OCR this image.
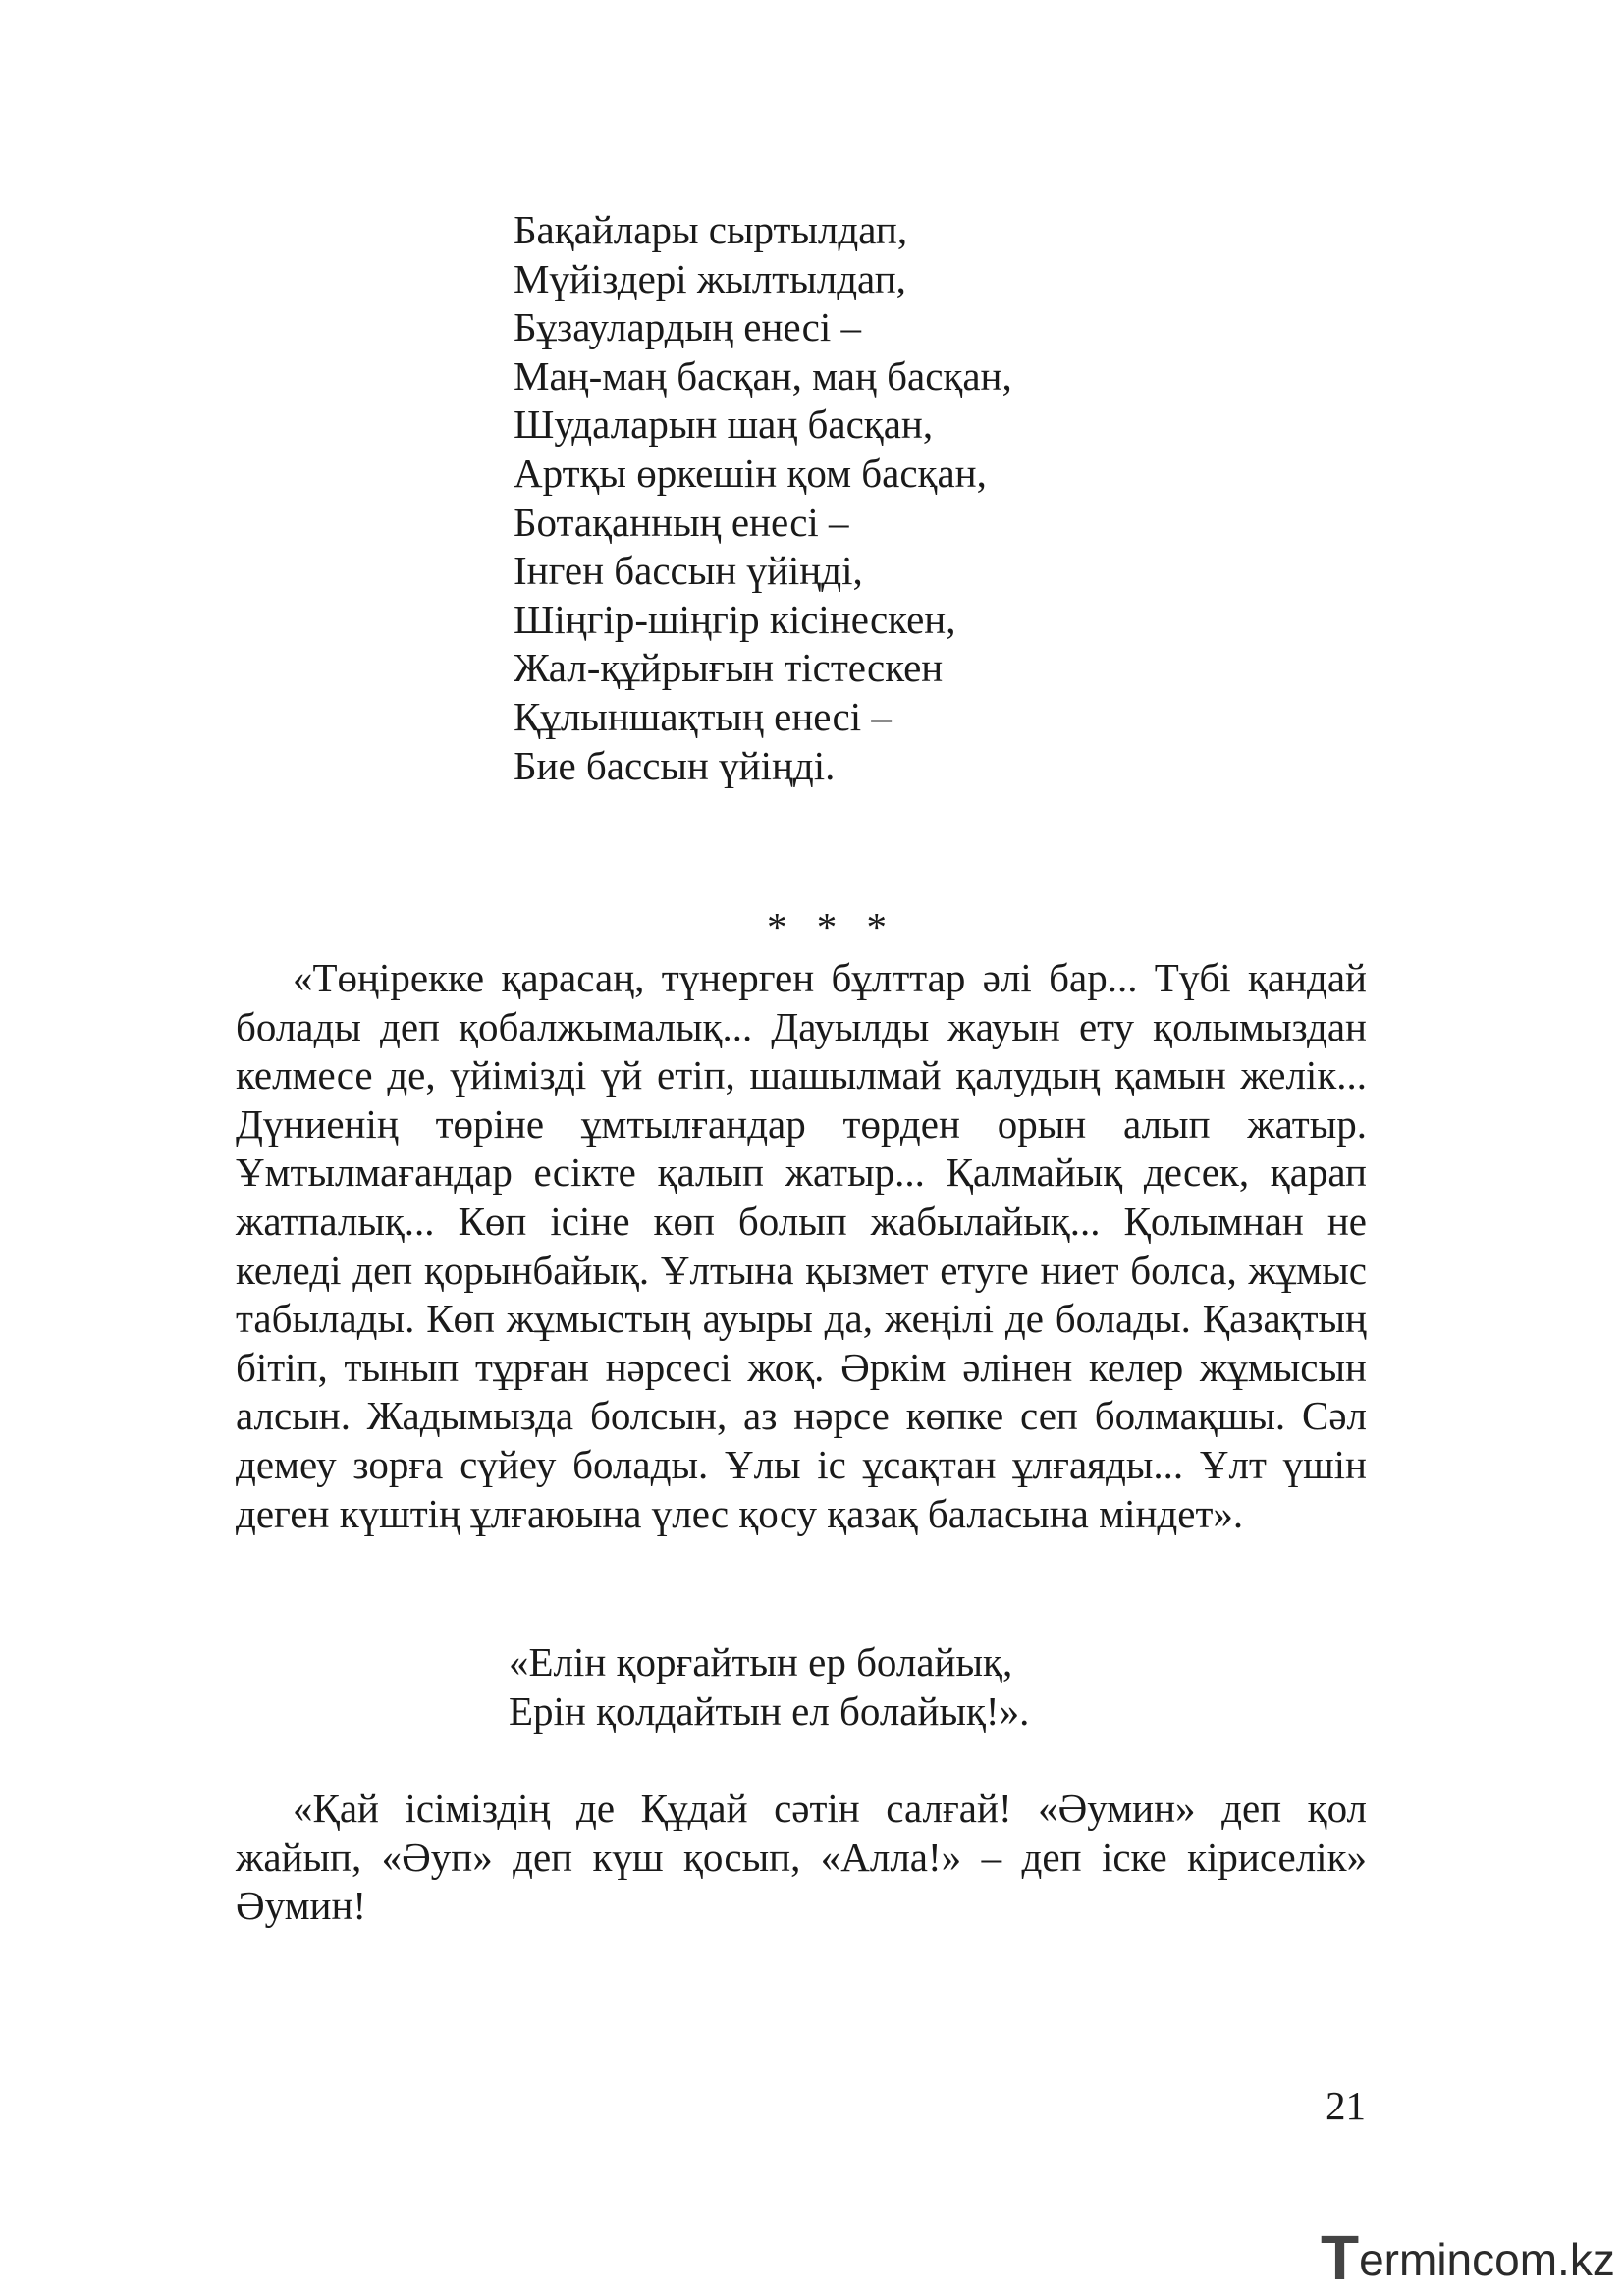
Бақайлары сыртылдап,
Мүйіздері жылтылдап,
Бұзаулардың енесі –
Маң-маң басқан, маң басқан,
Шудаларын шаң басқан,
Артқы өркешін қом басқан,
Ботақанның енесі –
Інген бассын үйіңді,
Шіңгір-шіңгір кісінескен,
Жал-құйрығын тістескен
Құлыншақтың енесі –
Бие бассын үйіңді.
* * *

«Төңірекке қарасаң, түнерген бұлттар әлі бар... Түбі қандай болады деп қобалжымалық... Дауылды жауын ету қолымыздан келмесе де, үйімізді үй етіп, шашылмай қалудың қамын желік... Дүниенің төріне ұмтылғандар төрден орын алып жатыр. Ұмтылмағандар есікте қалып жатыр... Қалмайық десек, қарап жатпалық... Көп ісіне көп болып жабылайық... Қолымнан не келеді деп қорынбайық. Ұлтына қызмет етуге ниет болса, жұмыс табылады. Көп жұмыстың ауыры да, жеңілі де болады. Қазақтың бітіп, тынып тұрған нәрсесі жоқ. Әркім әлінен келер жұмысын алсын. Жадымызда болсын, аз нәрсе көпке сеп болмақшы. Сәл демеу зорға сүйеу болады. Ұлы іс ұсақтан ұлғаяды... Ұлт үшін деген күштің ұлғаюына үлес қосу қазақ баласына міндет».

«Елін қорғайтын ер болайық,
Ерін қолдайтын ел болайық!».

«Қай ісіміздің де Құдай сәтін салғай! «Әумин» деп қол жайып, «Әуп» деп күш қосып, «Алла!» – деп іске кіриселік» Әумин!

21
Termincom.kz
